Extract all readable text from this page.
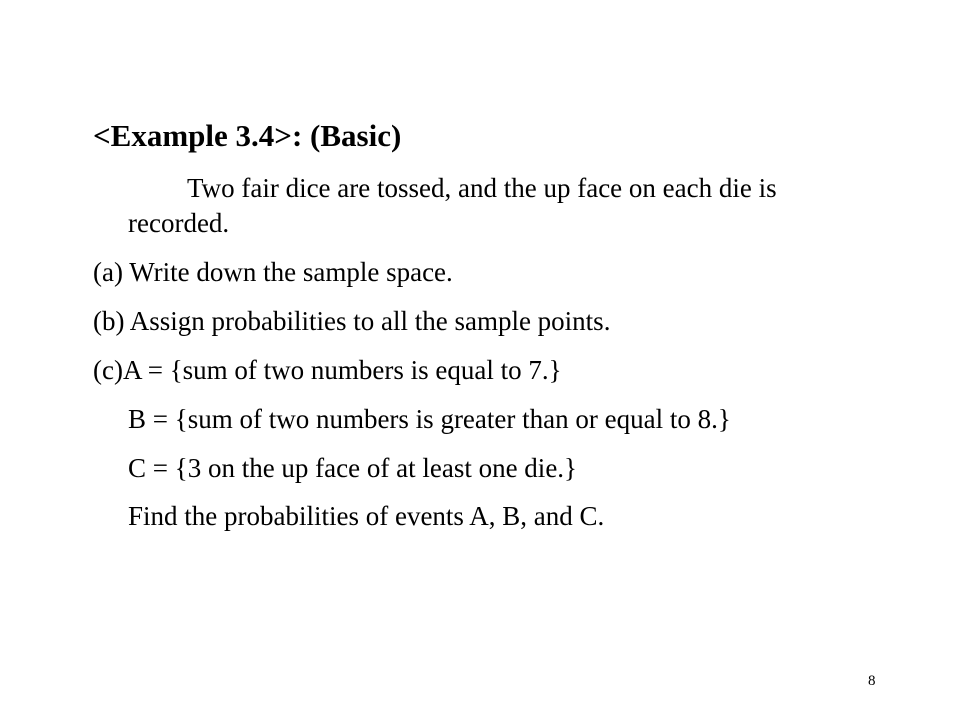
<Example 3.4>: (Basic)
Two fair dice are tossed, and the up face on each die is
recorded.
(a) Write down the sample space.
(b) Assign probabilities to all the sample points.
(c)A = {sum of two numbers is equal to 7.}
B = {sum of two numbers is greater than or equal to 8.}
C = {3 on the up face of at least one die.}
Find the probabilities of events A, B, and C.
8
